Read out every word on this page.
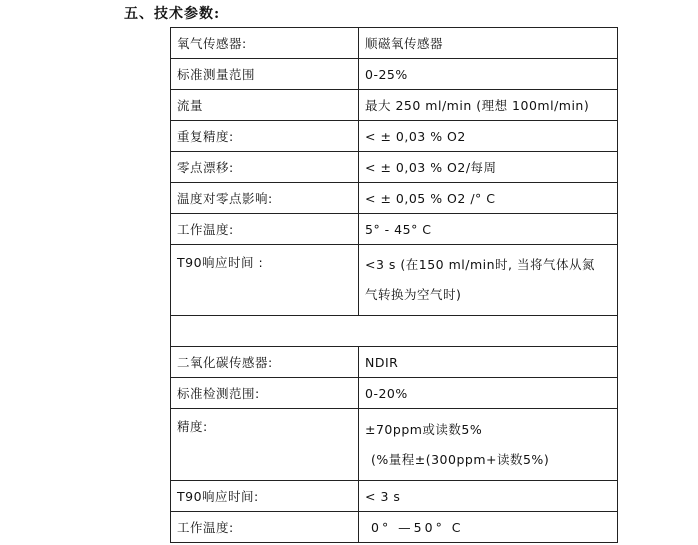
五、技术参数:
氧气传感器:	顺磁氧传感器
标准测量范围	0-25%
流量	最大 250 ml/min (理想 100ml/min)
重复精度:	< ± 0,03 % O2
零点漂移:	< ± 0,03 % O2/每周
温度对零点影响:	< ± 0,05 % O2 /° C
工作温度:	5° - 45° C
T90响应时间 :	<3 s (在150 ml/min时, 当将气体从氮
气转换为空气时)

二氧化碳传感器:	NDIR
标准检测范围:	0-20%
精度:	±70ppm或读数5%

(%量程±(300ppm+读数5%)

T90响应时间:	< 3 s
工作温度:	0° —50° C
